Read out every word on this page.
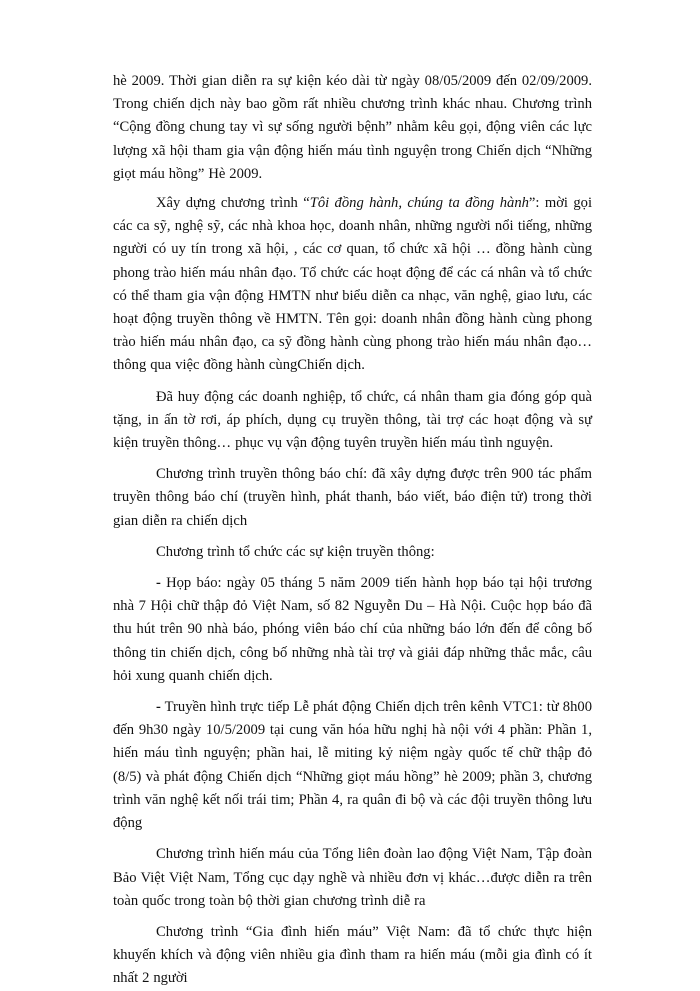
hè 2009. Thời gian diễn ra sự kiện kéo dài từ ngày 08/05/2009 đến 02/09/2009. Trong chiến dịch này bao gồm rất nhiều chương trình khác nhau. Chương trình “Cộng đồng chung tay vì sự sống người bệnh” nhằm kêu gọi, động viên các lực lượng xã hội tham gia vận động hiến máu tình nguyện trong Chiến dịch “Những giọt máu hồng” Hè 2009.

Xây dựng chương trình “Tôi đồng hành, chúng ta đồng hành”: mời gọi các ca sỹ, nghệ sỹ, các nhà khoa học, doanh nhân, những người nổi tiếng, những người có uy tín trong xã hội, , các cơ quan, tổ chức xã hội … đồng hành cùng phong trào hiến máu nhân đạo. Tổ chức các hoạt động để các cá nhân và tổ chức có thể tham gia vận động HMTN như biểu diễn ca nhạc, văn nghệ, giao lưu, các hoạt động truyền thông về HMTN. Tên gọi: doanh nhân đồng hành cùng phong trào hiến máu nhân đạo, ca sỹ đồng hành cùng phong trào hiến máu nhân đạo… thông qua việc đồng hành cùngChiến dịch.

Đã huy động các doanh nghiệp, tổ chức, cá nhân tham gia đóng góp quà tặng, in ấn tờ rơi, áp phích, dụng cụ truyền thông, tài trợ các hoạt động và sự kiện truyền thông… phục vụ vận động tuyên truyền hiến máu tình nguyện.

Chương trình truyền thông báo chí: đã xây dựng được trên 900 tác phẩm truyền thông báo chí (truyền hình, phát thanh, báo viết, báo điện tử) trong thời gian diễn ra chiến dịch

Chương trình tổ chức các sự kiện truyền thông:

- Họp báo: ngày 05 tháng 5 năm 2009 tiến hành họp báo tại hội trương nhà 7 Hội chữ thập đỏ Việt Nam, số 82 Nguyễn Du – Hà Nội. Cuộc họp báo đã thu hút trên 90 nhà báo, phóng viên báo chí của những báo lớn đến để công bố thông tin chiến dịch, công bố những nhà tài trợ và giải đáp những thắc mắc, câu hỏi xung quanh chiến dịch.

- Truyền hình trực tiếp Lễ phát động Chiến dịch trên kênh VTC1: từ 8h00 đến 9h30 ngày 10/5/2009 tại cung văn hóa hữu nghị hà nội với 4 phần: Phần 1, hiến máu tình nguyện; phần hai, lễ miting kỷ niệm ngày quốc tế chữ thập đỏ (8/5) và phát động Chiến dịch “Những giọt máu hồng” hè 2009; phần 3, chương trình văn nghệ kết nối trái tim; Phần 4, ra quân đi bộ và các đội truyền thông lưu động

Chương trình hiến máu của Tổng liên đoàn lao động Việt Nam, Tập đoàn Bảo Việt Việt Nam, Tổng cục dạy nghề và nhiều đơn vị khác…được diễn ra trên toàn quốc trong toàn bộ thời gian chương trình diễ ra

Chương trình “Gia đình hiến máu” Việt Nam: đã tổ chức thực hiện khuyến khích và động viên nhiều gia đình tham ra hiến máu (mỗi gia đình có ít nhất 2 người
